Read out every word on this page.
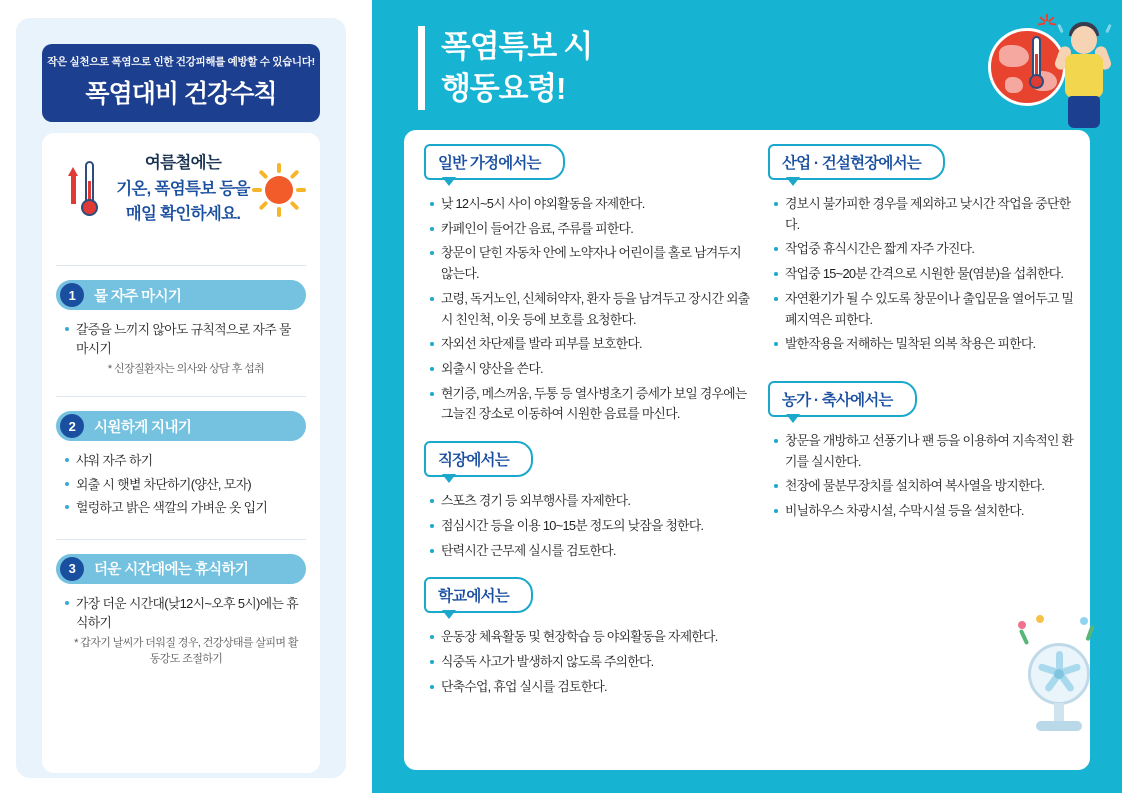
작은 실천으로 폭염으로 인한 건강피해를 예방할 수 있습니다!
폭염대비 건강수칙
여름철에는
기온, 폭염특보 등을
매일 확인하세요.
1	물 자주 마시기
갈증을 느끼지 않아도 규칙적으로 자주 물 마시기
* 신장질환자는 의사와 상담 후 섭취
2	시원하게 지내기
샤워 자주 하기
외출 시 햇볕 차단하기(양산, 모자)
헐렁하고 밝은 색깔의 가벼운 옷 입기
3	더운 시간대에는 휴식하기
가장 더운 시간대(낮12시~오후 5시)에는 휴식하기
* 갑자기 날씨가 더워질 경우, 건강상태를 살피며 활동강도 조절하기
폭염특보 시
행동요령!
일반 가정에서는
낮 12시~5시 사이 야외활동을 자제한다.
카페인이 들어간 음료, 주류를 피한다.
창문이 닫힌 자동차 안에 노약자나 어린이를 홀로 남겨두지 않는다.
고령, 독거노인, 신체허약자, 환자 등을 남겨두고 장시간 외출시 친인척, 이웃 등에 보호를 요청한다.
자외선 차단제를 발라 피부를 보호한다.
외출시 양산을 쓴다.
현기증, 메스꺼움, 두통 등 열사병초기 증세가 보일 경우에는 그늘진 장소로 이동하여 시원한 음료를 마신다.
직장에서는
스포츠 경기 등 외부행사를 자제한다.
점심시간 등을 이용 10~15분 정도의 낮잠을 청한다.
탄력시간 근무제 실시를 검토한다.
학교에서는
운동장 체육활동 및 현장학습 등 야외활동을 자제한다.
식중독 사고가 발생하지 않도록 주의한다.
단축수업, 휴업 실시를 검토한다.
산업 · 건설현장에서는
경보시 불가피한 경우를 제외하고 낮시간 작업을 중단한다.
작업중 휴식시간은 짧게 자주 가진다.
작업중 15~20분 간격으로 시원한 물(염분)을 섭취한다.
자연환기가 될 수 있도록 창문이나 출입문을 열어두고 밀폐지역은 피한다.
발한작용을 저해하는 밀착된 의복 착용은 피한다.
농가 · 축사에서는
창문을 개방하고 선풍기나 팬 등을 이용하여 지속적인 환기를 실시한다.
천장에 물분무장치를 설치하여 복사열을 방지한다.
비닐하우스 차광시설, 수막시설 등을 설치한다.
